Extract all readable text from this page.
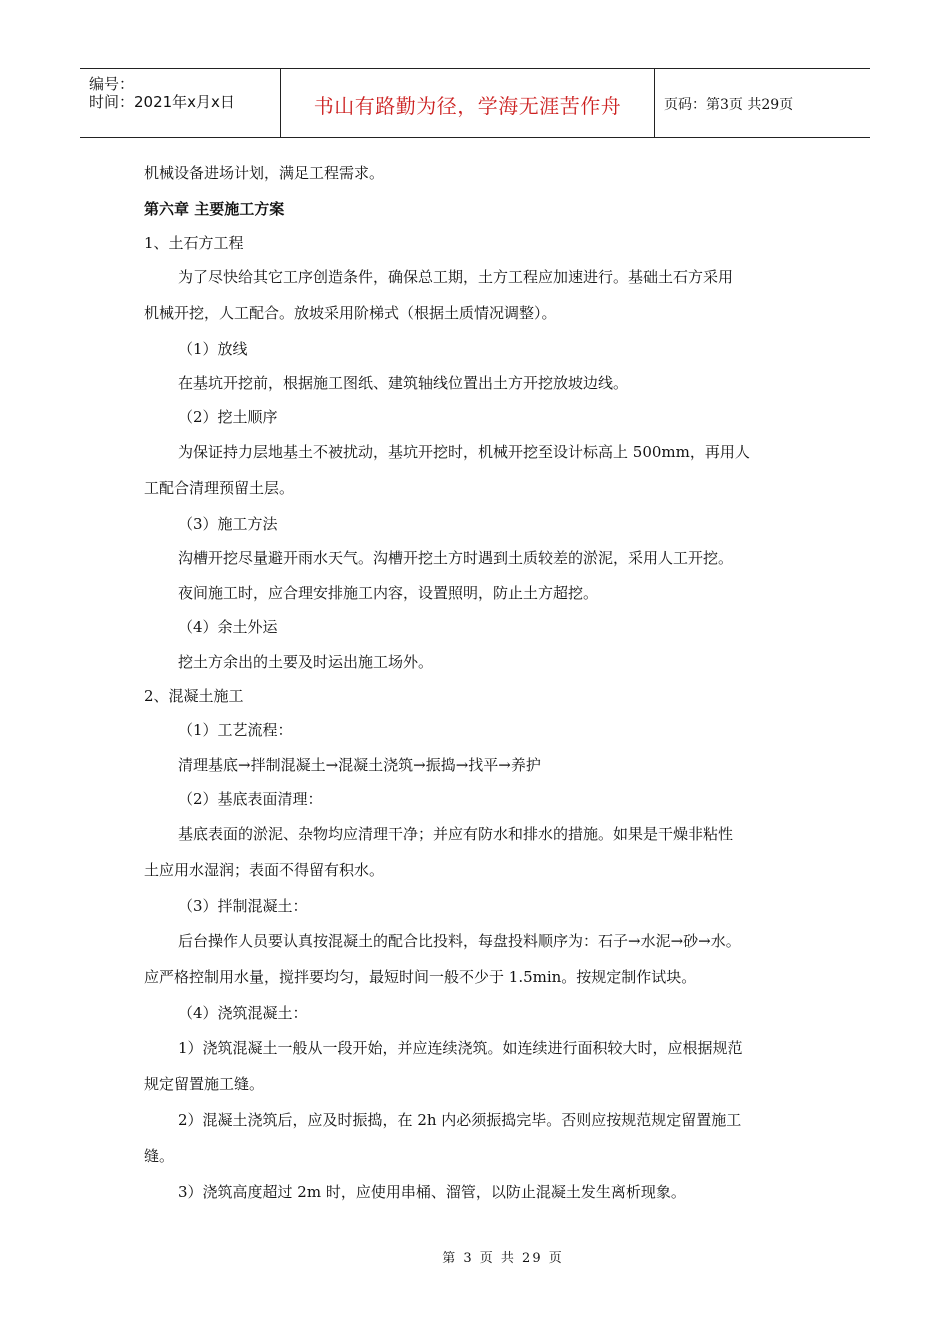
编号：
时间：2021年x月x日	书山有路勤为径，学海无涯苦作舟	页码：第3页 共29页
机械设备进场计划，满足工程需求。
第六章 主要施工方案
1、土石方工程
为了尽快给其它工序创造条件，确保总工期，土方工程应加速进行。基础土石方采用
机械开挖，人工配合。放坡采用阶梯式（根据土质情况调整）。
（1）放线
在基坑开挖前，根据施工图纸、建筑轴线位置出土方开挖放坡边线。
（2）挖土顺序
为保证持力层地基土不被扰动，基坑开挖时，机械开挖至设计标高上 500mm，再用人
工配合清理预留土层。
（3）施工方法
沟槽开挖尽量避开雨水天气。沟槽开挖土方时遇到土质较差的淤泥，采用人工开挖。
夜间施工时，应合理安排施工内容，设置照明，防止土方超挖。
（4）余土外运
挖土方余出的土要及时运出施工场外。
2、混凝土施工
（1）工艺流程：
清理基底→拌制混凝土→混凝土浇筑→振捣→找平→养护
（2）基底表面清理：
基底表面的淤泥、杂物均应清理干净；并应有防水和排水的措施。如果是干燥非粘性
土应用水湿润；表面不得留有积水。
（3）拌制混凝土：
后台操作人员要认真按混凝土的配合比投料，每盘投料顺序为：石子→水泥→砂→水。
应严格控制用水量，搅拌要均匀，最短时间一般不少于 1.5min。按规定制作试块。
（4）浇筑混凝土：
1）浇筑混凝土一般从一段开始，并应连续浇筑。如连续进行面积较大时，应根据规范
规定留置施工缝。
2）混凝土浇筑后，应及时振捣，在 2h 内必须振捣完毕。否则应按规范规定留置施工
缝。
3）浇筑高度超过 2m 时，应使用串桶、溜管，以防止混凝土发生离析现象。
第 3 页 共 29 页
